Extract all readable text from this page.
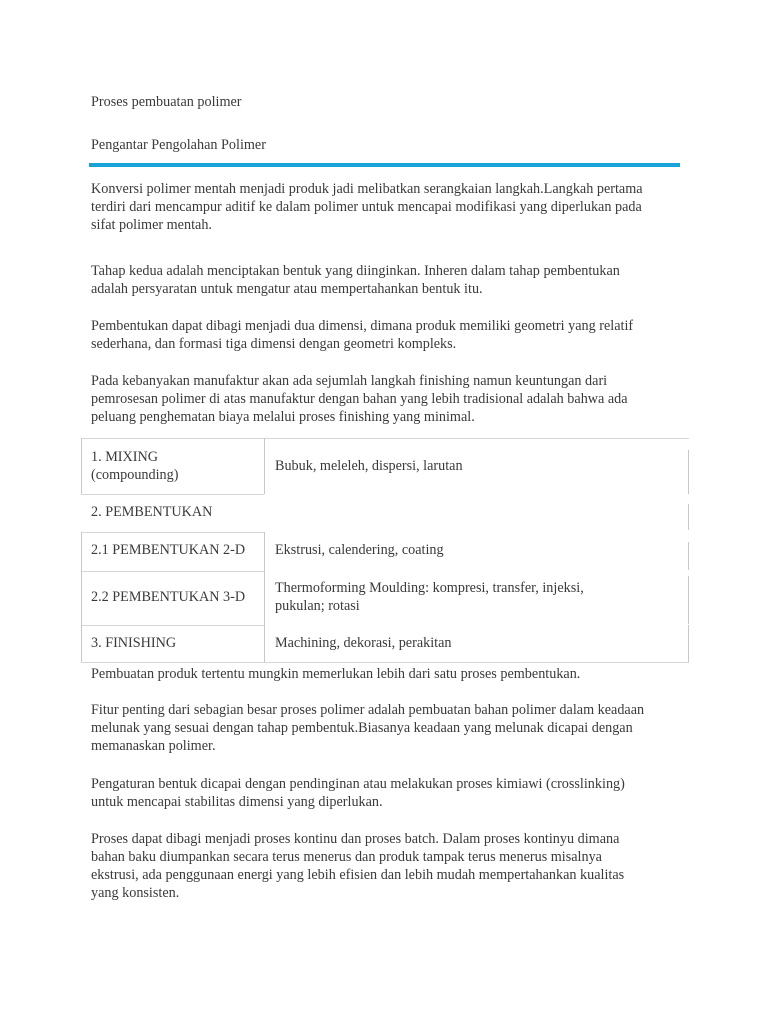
Proses pembuatan polimer
Pengantar Pengolahan Polimer

Konversi polimer mentah menjadi produk jadi melibatkan serangkaian langkah.Langkah pertama
terdiri dari mencampur aditif ke dalam polimer untuk mencapai modifikasi yang diperlukan pada
sifat polimer mentah.

Tahap kedua adalah menciptakan bentuk yang diinginkan. Inheren dalam tahap pembentukan
adalah persyaratan untuk mengatur atau mempertahankan bentuk itu.

Pembentukan dapat dibagi menjadi dua dimensi, dimana produk memiliki geometri yang relatif
sederhana, dan formasi tiga dimensi dengan geometri kompleks.

Pada kebanyakan manufaktur akan ada sejumlah langkah finishing namun keuntungan dari
pemrosesan polimer di atas manufaktur dengan bahan yang lebih tradisional adalah bahwa ada
peluang penghematan biaya melalui proses finishing yang minimal.

1. MIXING
(compounding)
Bubuk, meleleh, dispersi, larutan
2. PEMBENTUKAN
2.1 PEMBENTUKAN 2-D	Ekstrusi, calendering, coating
2.2 PEMBENTUKAN 3-D
Thermoforming Moulding: kompresi, transfer, injeksi,
pukulan; rotasi
3. FINISHING	Machining, dekorasi, perakitan

Pembuatan produk tertentu mungkin memerlukan lebih dari satu proses pembentukan.

Fitur penting dari sebagian besar proses polimer adalah pembuatan bahan polimer dalam keadaan
melunak yang sesuai dengan tahap pembentuk.Biasanya keadaan yang melunak dicapai dengan
memanaskan polimer.

Pengaturan bentuk dicapai dengan pendinginan atau melakukan proses kimiawi (crosslinking)
untuk mencapai stabilitas dimensi yang diperlukan.

Proses dapat dibagi menjadi proses kontinu dan proses batch. Dalam proses kontinyu dimana
bahan baku diumpankan secara terus menerus dan produk tampak terus menerus misalnya
ekstrusi, ada penggunaan energi yang lebih efisien dan lebih mudah mempertahankan kualitas
yang konsisten.
